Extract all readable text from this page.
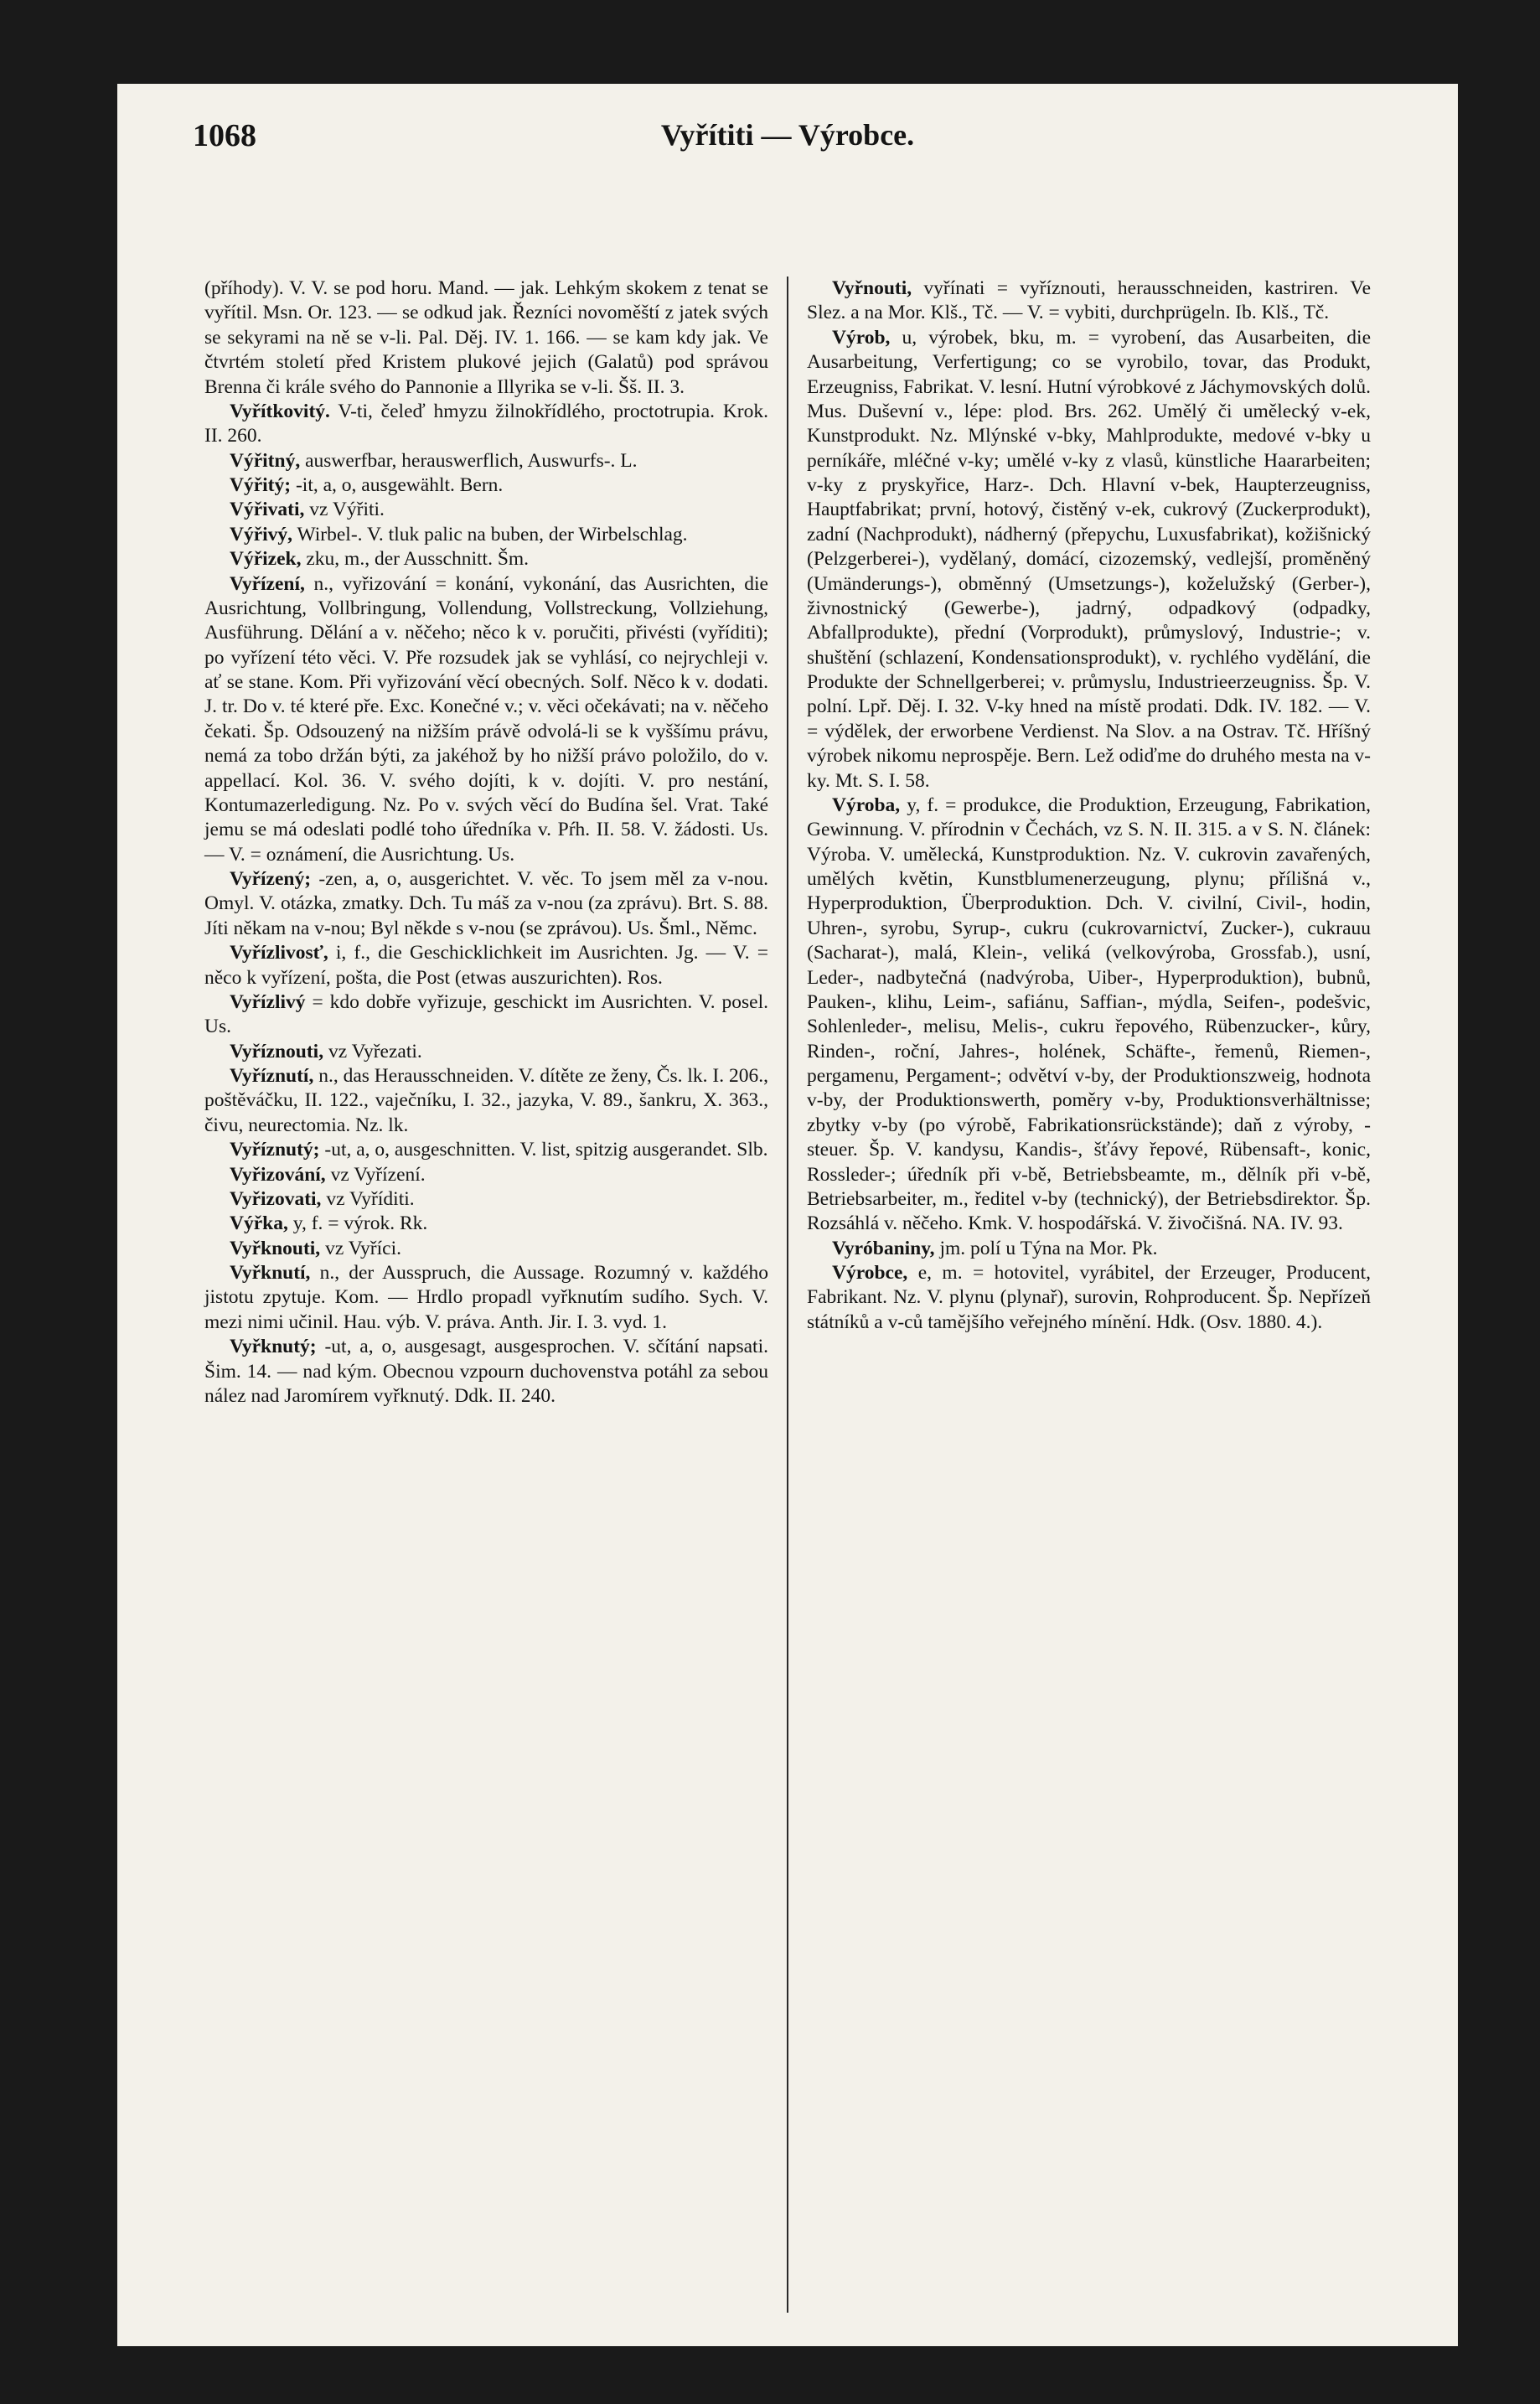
1068	Vyřítiti — Výrobce.

(příhody). V. V. se pod horu. Mand. — jak. Lehkým skokem z tenat se vyřítil. Msn. Or. 123. — se odkud jak. Řezníci novoměští z jatek svých se sekyrami na ně se v-li. Pal. Děj. IV. 1. 166. — se kam kdy jak. Ve čtvrtém století před Kristem plukové jejich (Galatů) pod správou Brenna či krále svého do Pannonie a Illyrika se v-li. Šš. II. 3.

Vyřítkovitý. V-ti, čeleď hmyzu žilnokřídlého, proctotrupia. Krok. II. 260.

Výřitný, auswerfbar, herauswerflich, Auswurfs-. L.

Výřitý; -it, a, o, ausgewählt. Bern.

Výřivati, vz Výřiti.

Výřivý, Wirbel-. V. tluk palic na buben, der Wirbelschlag.

Výřizek, zku, m., der Ausschnitt. Šm.

Vyřízení, n., vyřizování = konání, vykonání, das Ausrichten, die Ausrichtung, Vollbringung, Vollendung, Vollstreckung, Vollziehung, Ausführung. Dělání a v. něčeho; něco k v. poručiti, přivésti (vyříditi); po vyřízení této věci. V. Pře rozsudek jak se vyhlásí, co nejrychleji v. ať se stane. Kom. Při vyřizování věcí obecných. Solf. Něco k v. dodati. J. tr. Do v. té které pře. Exc. Konečné v.; v. věci očekávati; na v. něčeho čekati. Šp. Odsouzený na nižším právě odvolá-li se k vyššímu právu, nemá za tobo držán býti, za jakéhož by ho nižší právo položilo, do v. appellací. Kol. 36. V. svého dojíti, k v. dojíti. V. pro nestání, Kontumazerledigung. Nz. Po v. svých věcí do Budína šel. Vrat. Také jemu se má odeslati podlé toho úředníka v. Pŕh. II. 58. V. žádosti. Us. — V. = oznámení, die Ausrichtung. Us.

Vyřízený; -zen, a, o, ausgerichtet. V. věc. To jsem měl za v-nou. Omyl. V. otázka, zmatky. Dch. Tu máš za v-nou (za zprávu). Brt. S. 88. Jíti někam na v-nou; Byl někde s v-nou (se zprávou). Us. Šml., Němc.

Vyřízlivosť, i, f., die Geschicklichkeit im Ausrichten. Jg. — V. = něco k vyřízení, pošta, die Post (etwas auszurichten). Ros.

Vyřízlivý = kdo dobře vyřizuje, geschickt im Ausrichten. V. posel. Us.

Vyříznouti, vz Vyřezati.

Vyříznutí, n., das Herausschneiden. V. dítěte ze ženy, Čs. lk. I. 206., poštěváčku, II. 122., vaječníku, I. 32., jazyka, V. 89., šankru, X. 363., čivu, neurectomia. Nz. lk.

Vyříznutý; -ut, a, o, ausgeschnitten. V. list, spitzig ausgerandet. Slb.

Vyřizování, vz Vyřízení.

Vyřizovati, vz Vyříditi.

Výřka, y, f. = výrok. Rk.

Vyřknouti, vz Vyříci.

Vyřknutí, n., der Ausspruch, die Aussage. Rozumný v. každého jistotu zpytuje. Kom. — Hrdlo propadl vyřknutím sudího. Sych. V. mezi nimi učinil. Hau. výb. V. práva. Anth. Jir. I. 3. vyd. 1.

Vyřknutý; -ut, a, o, ausgesagt, ausgesprochen. V. sčítání napsati. Šim. 14. — nad kým. Obecnou vzpourn duchovenstva potáhl za sebou nález nad Jaromírem vyřknutý. Ddk. II. 240.

Vyřnouti, vyřínati = vyříznouti, herausschneiden, kastriren. Ve Slez. a na Mor. Klš., Tč. — V. = vybiti, durchprügeln. Ib. Klš., Tč.

Výrob, u, výrobek, bku, m. = vyrobení, das Ausarbeiten, die Ausarbeitung, Verfertigung; co se vyrobilo, tovar, das Produkt, Erzeugniss, Fabrikat. V. lesní. Hutní výrobkové z Jáchymovských dolů. Mus. Duševní v., lépe: plod. Brs. 262. Umělý či umělecký v-ek, Kunstprodukt. Nz. Mlýnské v-bky, Mahlprodukte, medové v-bky u perníkáře, mléčné v-ky; umělé v-ky z vlasů, künstliche Haararbeiten; v-ky z pryskyřice, Harz-. Dch. Hlavní v-bek, Haupterzeugniss, Hauptfabrikat; první, hotový, čistěný v-ek, cukrový (Zuckerprodukt), zadní (Nachprodukt), nádherný (přepychu, Luxusfabrikat), kožišnický (Pelzgerberei-), vydělaný, domácí, cizozemský, vedlejší, proměněný (Umänderungs-), obměnný (Umsetzungs-), koželužský (Gerber-), živnostnický (Gewerbe-), jadrný, odpadkový (odpadky, Abfallprodukte), přední (Vorprodukt), průmyslový, Industrie-; v. shuštění (schlazení, Kondensationsprodukt), v. rychlého vydělání, die Produkte der Schnellgerberei; v. průmyslu, Industrieerzeugniss. Šp. V. polní. Lpř. Děj. I. 32. V-ky hned na místě prodati. Ddk. IV. 182. — V. = výdělek, der erworbene Verdienst. Na Slov. a na Ostrav. Tč. Hříšný výrobek nikomu neprospěje. Bern. Lež odiďme do druhého mesta na v-ky. Mt. S. I. 58.

Výroba, y, f. = produkce, die Produktion, Erzeugung, Fabrikation, Gewinnung. V. přírodnin v Čechách, vz S. N. II. 315. a v S. N. článek: Výroba. V. umělecká, Kunstproduktion. Nz. V. cukrovin zavařených, umělých květin, Kunstblumenerzeugung, plynu; přílišná v., Hyperproduktion, Überproduktion. Dch. V. civilní, Civil-, hodin, Uhren-, syrobu, Syrup-, cukru (cukrovarnictví, Zucker-), cukrauu (Sacharat-), malá, Klein-, veliká (velkovýroba, Grossfab.), usní, Leder-, nadbytečná (nadvýroba, Uiber-, Hyperproduktion), bubnů, Pauken-, klihu, Leim-, safiánu, Saffian-, mýdla, Seifen-, podešvic, Sohlenleder-, melisu, Melis-, cukru řepového, Rübenzucker-, kůry, Rinden-, roční, Jahres-, holének, Schäfte-, řemenů, Riemen-, pergamenu, Pergament-; odvětví v-by, der Produktionszweig, hodnota v-by, der Produktionswerth, poměry v-by, Produktionsverhältnisse; zbytky v-by (po výrobě, Fabrikationsrückstände); daň z výroby, -steuer. Šp. V. kandysu, Kandis-, šťávy řepové, Rübensaft-, konic, Rossleder-; úředník při v-bě, Betriebsbeamte, m., dělník při v-bě, Betriebsarbeiter, m., ředitel v-by (technický), der Betriebsdirektor. Šp. Rozsáhlá v. něčeho. Kmk. V. hospodářská. V. živočišná. NA. IV. 93.

Vyróbaniny, jm. polí u Týna na Mor. Pk.

Výrobce, e, m. = hotovitel, vyrábitel, der Erzeuger, Producent, Fabrikant. Nz. V. plynu (plynař), surovin, Rohproducent. Šp. Nepřízeň státníků a v-ců tamějšího veřejného mínění. Hdk. (Osv. 1880. 4.).
